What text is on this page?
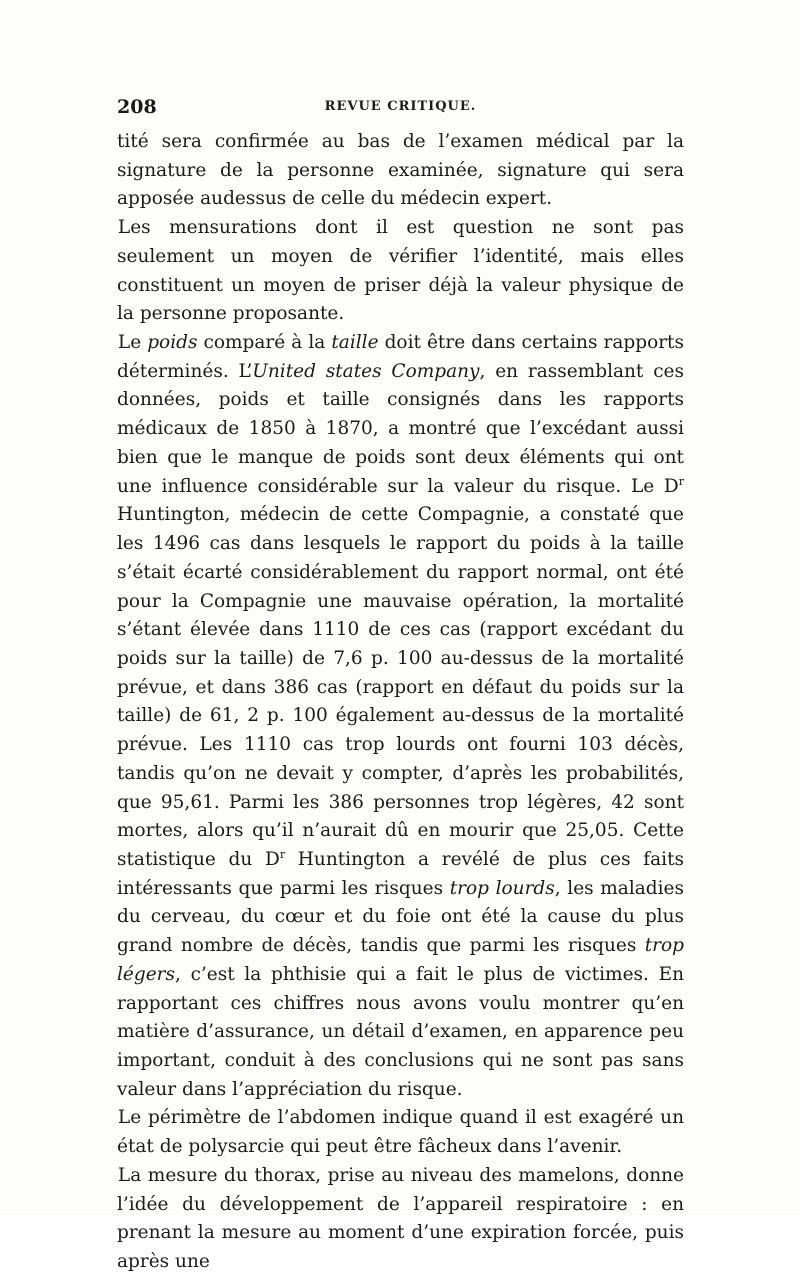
208	REVUE CRITIQUE.

tité sera confirmée au bas de l’examen médical par la signature de la personne examinée, signature qui sera apposée audessus de celle du médecin expert.

Les mensurations dont il est question ne sont pas seulement un moyen de vérifier l’identité, mais elles constituent un moyen de priser déjà la valeur physique de la personne proposante.

Le poids comparé à la taille doit être dans certains rapports déterminés. L’United states Company, en rassemblant ces données, poids et taille consignés dans les rapports médicaux de 1850 à 1870, a montré que l’excédant aussi bien que le manque de poids sont deux éléments qui ont une influence considérable sur la valeur du risque. Le $D^r$ Huntington, médecin de cette Compagnie, a constaté que les 1496 cas dans lesquels le rapport du poids à la taille s’était écarté considérablement du rapport normal, ont été pour la Compagnie une mauvaise opération, la mortalité s’étant élevée dans 1110 de ces cas (rapport excédant du poids sur la taille) de 7,6 p. 100 au-dessus de la mortalité prévue, et dans 386 cas (rapport en défaut du poids sur la taille) de 61, 2 p. 100 également au-dessus de la mortalité prévue. Les 1110 cas trop lourds ont fourni 103 décès, tandis qu’on ne devait y compter, d’après les probabilités, que 95,61. Parmi les 386 personnes trop légères, 42 sont mortes, alors qu’il n’aurait dû en mourir que 25,05. Cette statistique du $D^r$ Huntington a revélé de plus ces faits intéressants que parmi les risques trop lourds, les maladies du cerveau, du cœur et du foie ont été la cause du plus grand nombre de décès, tandis que parmi les risques trop légers, c’est la phthisie qui a fait le plus de victimes. En rapportant ces chiffres nous avons voulu montrer qu’en matière d’assurance, un détail d’examen, en apparence peu important, conduit à des conclusions qui ne sont pas sans valeur dans l’appréciation du risque.

Le périmètre de l’abdomen indique quand il est exagéré un état de polysarcie qui peut être fâcheux dans l’avenir.

La mesure du thorax, prise au niveau des mamelons, donne l’idée du développement de l’appareil respiratoire : en prenant la mesure au moment d’une expiration forcée, puis après une
